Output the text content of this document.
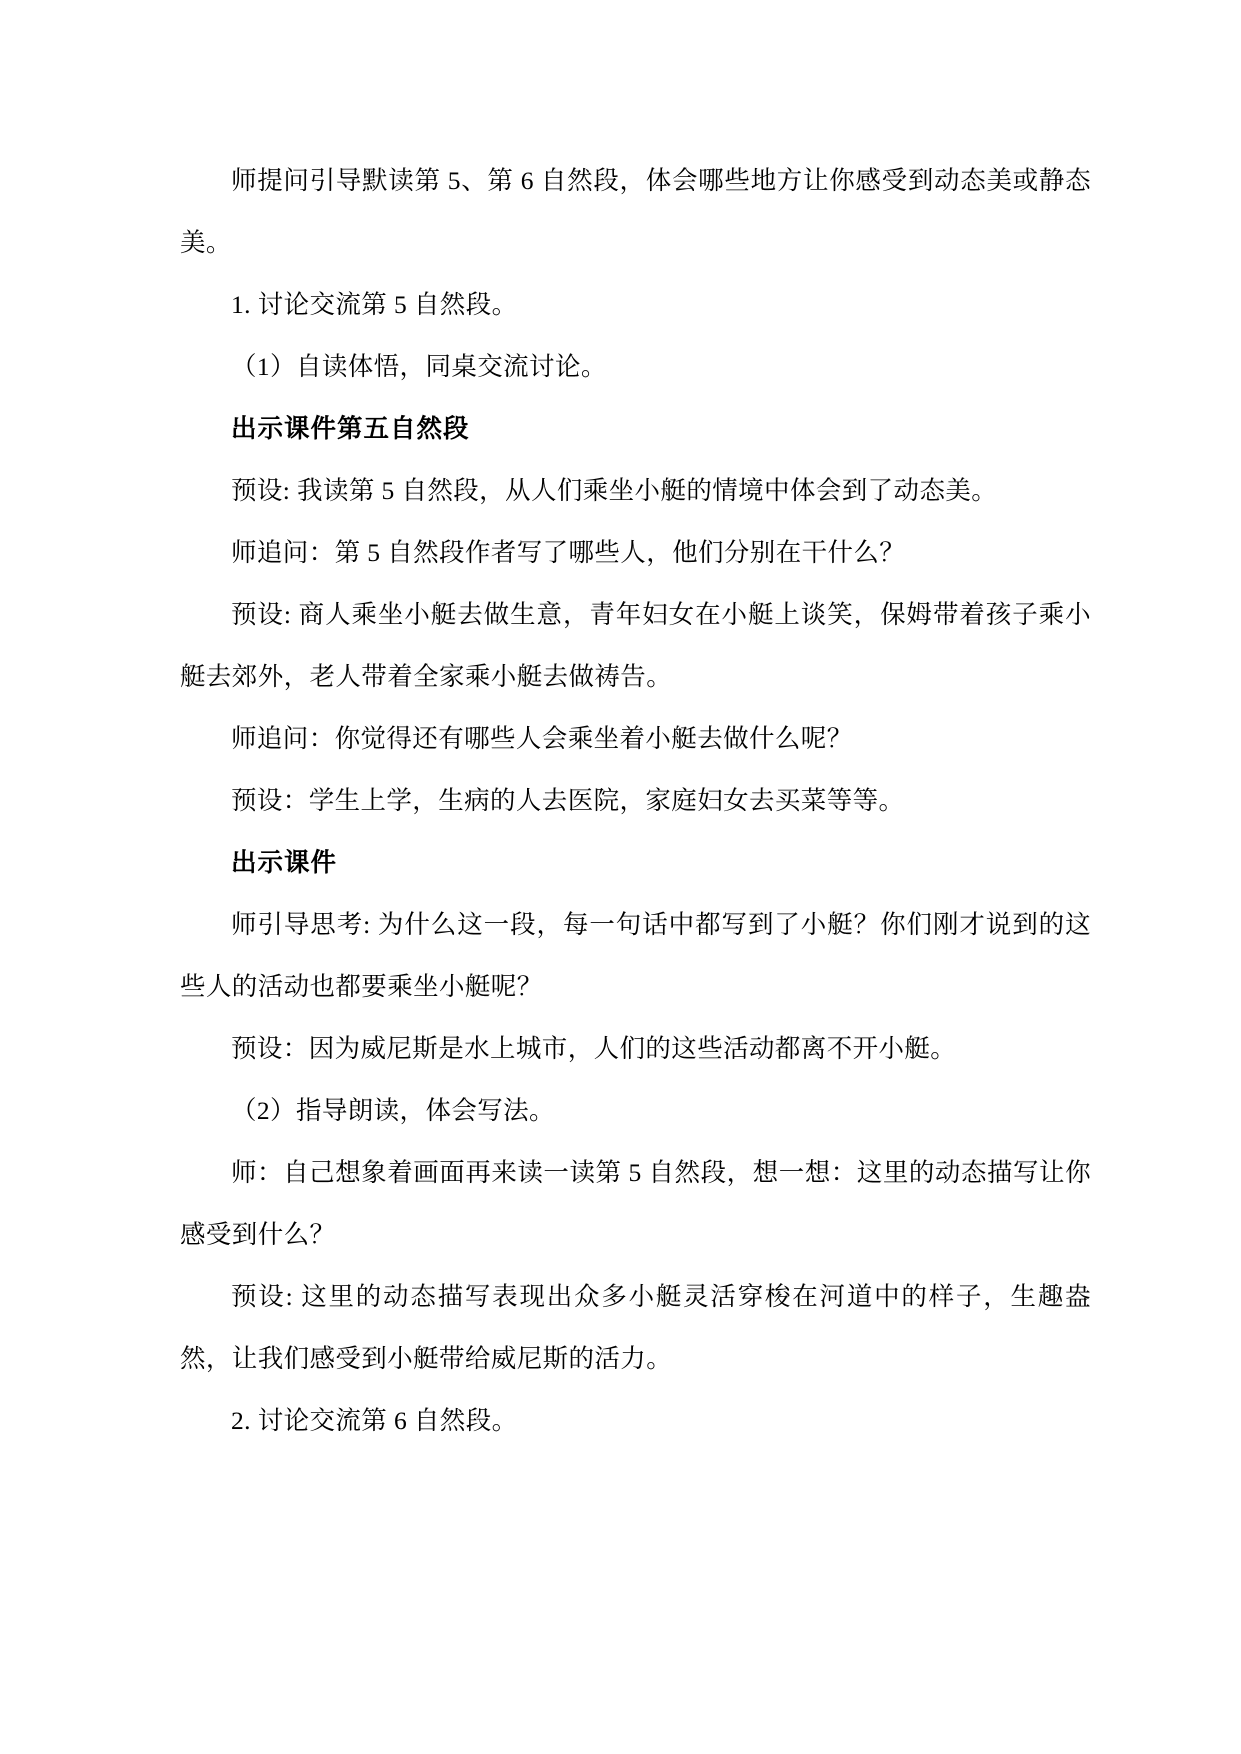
师提问引导默读第 5、第 6 自然段，体会哪些地方让你感受到动态美或静态美。

1. 讨论交流第 5 自然段。

（1）自读体悟，同桌交流讨论。

出示课件第五自然段

预设: 我读第 5 自然段，从人们乘坐小艇的情境中体会到了动态美。

师追问：第 5 自然段作者写了哪些人，他们分别在干什么？

预设: 商人乘坐小艇去做生意，青年妇女在小艇上谈笑，保姆带着孩子乘小艇去郊外，老人带着全家乘小艇去做祷告。

师追问：你觉得还有哪些人会乘坐着小艇去做什么呢？

预设：学生上学，生病的人去医院，家庭妇女去买菜等等。

出示课件

师引导思考: 为什么这一段，每一句话中都写到了小艇？你们刚才说到的这些人的活动也都要乘坐小艇呢？

预设：因为威尼斯是水上城市，人们的这些活动都离不开小艇。

（2）指导朗读，体会写法。

师：自己想象着画面再来读一读第 5 自然段，想一想：这里的动态描写让你感受到什么？

预设: 这里的动态描写表现出众多小艇灵活穿梭在河道中的样子，生趣盎然，让我们感受到小艇带给威尼斯的活力。

2. 讨论交流第 6 自然段。
